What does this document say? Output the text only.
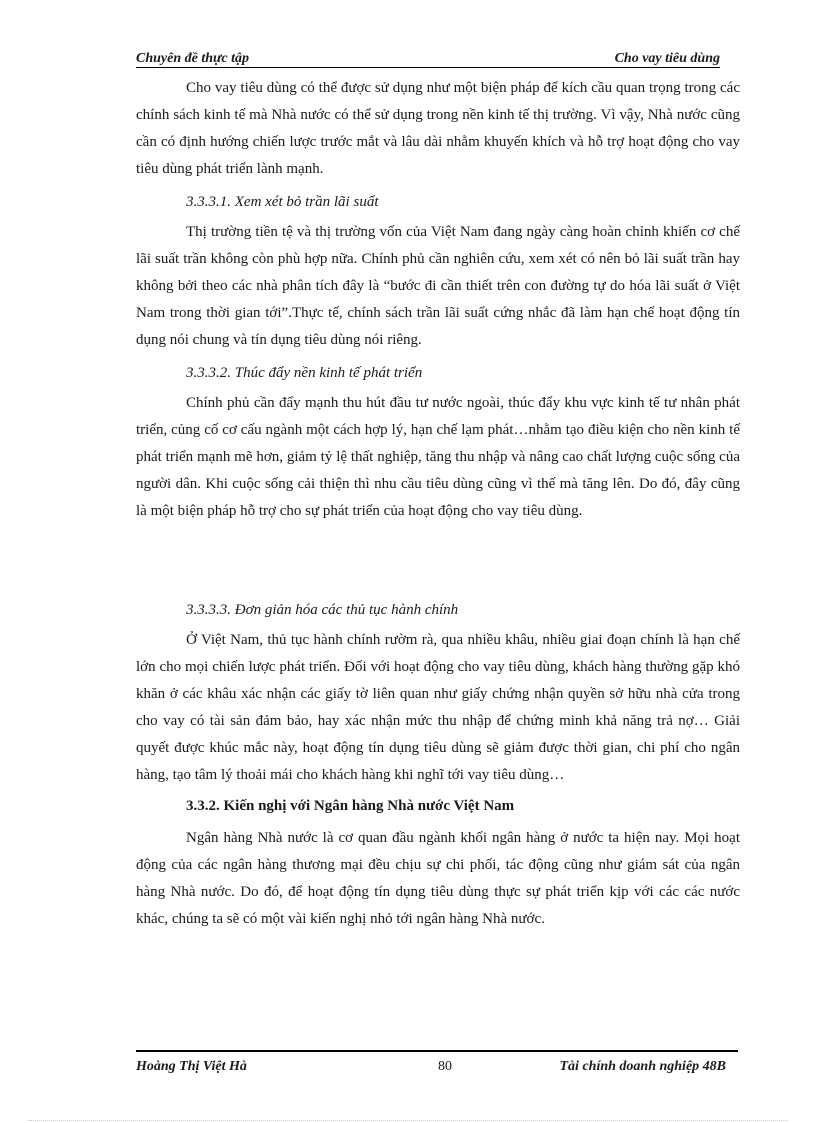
Chuyên đề thực tập	Cho vay tiêu dùng

Cho vay tiêu dùng có thể được sử dụng như một biện pháp để kích cầu quan trọng trong các chính sách kinh tế mà Nhà nước có thể sử dụng trong nền kinh tế thị trường. Vì vậy, Nhà nước cũng cần có định hướng chiến lược trước mắt và lâu dài nhằm khuyến khích và hỗ trợ hoạt động cho vay tiêu dùng phát triển lành mạnh.

3.3.3.1. Xem xét bỏ trần lãi suất

Thị trường tiền tệ và thị trường vốn của Việt Nam đang ngày càng hoàn chỉnh khiến cơ chế lãi suất trần không còn phù hợp nữa. Chính phủ cần nghiên cứu, xem xét có nên bỏ lãi suất trần hay không bởi theo các nhà phân tích đây là “bước đi cần thiết trên con đường tự do hóa lãi suất ở Việt Nam trong thời gian tới”.Thực tế, chính sách trần lãi suất cứng nhắc đã làm hạn chế hoạt động tín dụng nói chung và tín dụng tiêu dùng nói riêng.

3.3.3.2. Thúc đẩy nền kinh tế phát triển

Chính phủ cần đẩy mạnh thu hút đầu tư nước ngoài, thúc đẩy khu vực kinh tế tư nhân phát triển, củng cố cơ cấu ngành một cách hợp lý, hạn chế lạm phát…nhằm tạo điều kiện cho nền kinh tế phát triển mạnh mẽ hơn, giảm tỷ lệ thất nghiệp, tăng thu nhập và nâng cao chất lượng cuộc sống của người dân. Khi cuộc sống cải thiện thì nhu cầu tiêu dùng cũng vì thế mà tăng lên. Do đó, đây cũng là một biện pháp hỗ trợ cho sự phát triển của hoạt động cho vay tiêu dùng.

3.3.3.3. Đơn giản hóa các thủ tục hành chính

Ở Việt Nam, thủ tục hành chính rườm rà, qua nhiều khâu, nhiều giai đoạn chính là hạn chế lớn cho mọi chiến lược phát triển. Đối với hoạt động cho vay tiêu dùng, khách hàng thường gặp khó khăn ở các khâu xác nhận các giấy tờ liên quan như giấy chứng nhận quyền sở hữu nhà cửa trong cho vay có tài sản đảm bảo, hay xác nhận mức thu nhập để chứng minh khả năng trả nợ… Giải quyết được khúc mắc này, hoạt động tín dụng tiêu dùng sẽ giảm được thời gian, chi phí cho ngân hàng, tạo tâm lý thoải mái cho khách hàng khi nghĩ tới vay tiêu dùng…

3.3.2. Kiến nghị với Ngân hàng Nhà nước Việt Nam

Ngân hàng Nhà nước là cơ quan đầu ngành khối ngân hàng ở nước ta hiện nay. Mọi hoạt động của các ngân hàng thương mại đều chịu sự chi phối, tác động cũng như giám sát của ngân hàng Nhà nước. Do đó, để hoạt động tín dụng tiêu dùng thực sự phát triển kịp với các các nước khác, chúng ta sẽ có một vài kiến nghị nhỏ tới ngân hàng Nhà nước.

Hoàng Thị Việt Hà	80	Tài chính doanh nghiệp 48B
